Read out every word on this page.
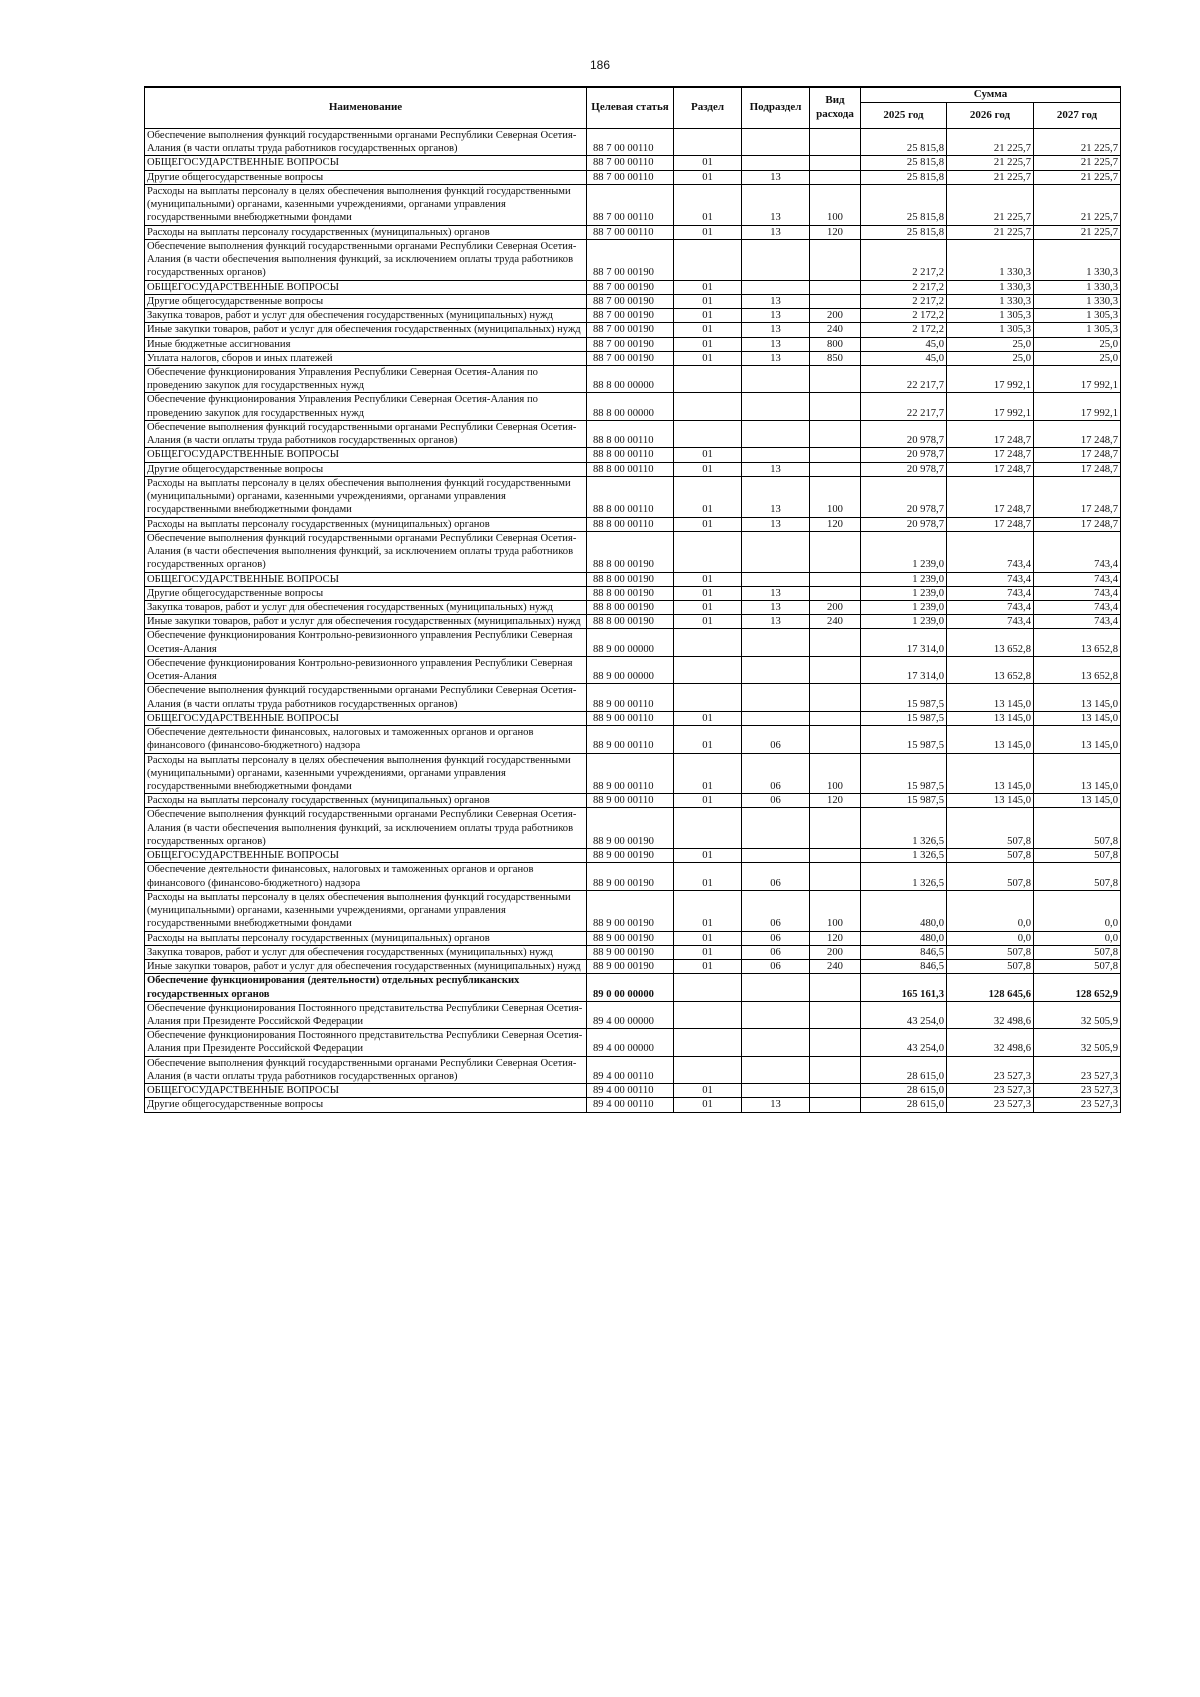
186
Наименование	Целевая статья	Раздел	Подраздел	Вид расхода	Сумма		
					2025 год	2026 год	2027 год
Обеспечение выполнения функций государственными органами Республики Северная Осетия-Алания (в части оплаты труда работников государственных органов)	88 7 00 00110				25 815,8	21 225,7	21 225,7
ОБЩЕГОСУДАРСТВЕННЫЕ ВОПРОСЫ	88 7 00 00110	01			25 815,8	21 225,7	21 225,7
Другие общегосударственные вопросы	88 7 00 00110	01	13		25 815,8	21 225,7	21 225,7
Расходы на выплаты персоналу в целях обеспечения выполнения функций государственными (муниципальными) органами, казенными учреждениями, органами управления государственными внебюджетными фондами	88 7 00 00110	01	13	100	25 815,8	21 225,7	21 225,7
Расходы на выплаты персоналу государственных (муниципальных) органов	88 7 00 00110	01	13	120	25 815,8	21 225,7	21 225,7
Обеспечение выполнения функций государственными органами Республики Северная Осетия-Алания (в части обеспечения выполнения функций, за исключением оплаты труда работников государственных органов)	88 7 00 00190				2 217,2	1 330,3	1 330,3
ОБЩЕГОСУДАРСТВЕННЫЕ ВОПРОСЫ	88 7 00 00190	01			2 217,2	1 330,3	1 330,3
Другие общегосударственные вопросы	88 7 00 00190	01	13		2 217,2	1 330,3	1 330,3
Закупка товаров, работ и услуг для обеспечения государственных (муниципальных) нужд	88 7 00 00190	01	13	200	2 172,2	1 305,3	1 305,3
Иные закупки товаров, работ и услуг для обеспечения государственных (муниципальных) нужд	88 7 00 00190	01	13	240	2 172,2	1 305,3	1 305,3
Иные бюджетные ассигнования	88 7 00 00190	01	13	800	45,0	25,0	25,0
Уплата налогов, сборов и иных платежей	88 7 00 00190	01	13	850	45,0	25,0	25,0
Обеспечение функционирования Управления Республики Северная Осетия-Алания по проведению закупок для государственных нужд	88 8 00 00000				22 217,7	17 992,1	17 992,1
Обеспечение функционирования Управления Республики Северная Осетия-Алания по проведению закупок для государственных нужд	88 8 00 00000				22 217,7	17 992,1	17 992,1
Обеспечение выполнения функций государственными органами Республики Северная Осетия-Алания (в части оплаты труда работников государственных органов)	88 8 00 00110				20 978,7	17 248,7	17 248,7
ОБЩЕГОСУДАРСТВЕННЫЕ ВОПРОСЫ	88 8 00 00110	01			20 978,7	17 248,7	17 248,7
Другие общегосударственные вопросы	88 8 00 00110	01	13		20 978,7	17 248,7	17 248,7
Расходы на выплаты персоналу в целях обеспечения выполнения функций государственными (муниципальными) органами, казенными учреждениями, органами управления государственными внебюджетными фондами	88 8 00 00110	01	13	100	20 978,7	17 248,7	17 248,7
Расходы на выплаты персоналу государственных (муниципальных) органов	88 8 00 00110	01	13	120	20 978,7	17 248,7	17 248,7
Обеспечение выполнения функций государственными органами Республики Северная Осетия-Алания (в части обеспечения выполнения функций, за исключением оплаты труда работников государственных органов)	88 8 00 00190				1 239,0	743,4	743,4
ОБЩЕГОСУДАРСТВЕННЫЕ ВОПРОСЫ	88 8 00 00190	01			1 239,0	743,4	743,4
Другие общегосударственные вопросы	88 8 00 00190	01	13		1 239,0	743,4	743,4
Закупка товаров, работ и услуг для обеспечения государственных (муниципальных) нужд	88 8 00 00190	01	13	200	1 239,0	743,4	743,4
Иные закупки товаров, работ и услуг для обеспечения государственных (муниципальных) нужд	88 8 00 00190	01	13	240	1 239,0	743,4	743,4
Обеспечение функционирования Контрольно-ревизионного управления Республики Северная Осетия-Алания	88 9 00 00000				17 314,0	13 652,8	13 652,8
Обеспечение функционирования Контрольно-ревизионного управления Республики Северная Осетия-Алания	88 9 00 00000				17 314,0	13 652,8	13 652,8
Обеспечение выполнения функций государственными органами Республики Северная Осетия-Алания (в части оплаты труда работников государственных органов)	88 9 00 00110				15 987,5	13 145,0	13 145,0
ОБЩЕГОСУДАРСТВЕННЫЕ ВОПРОСЫ	88 9 00 00110	01			15 987,5	13 145,0	13 145,0
Обеспечение деятельности финансовых, налоговых и таможенных органов и органов финансового (финансово-бюджетного) надзора	88 9 00 00110	01	06		15 987,5	13 145,0	13 145,0
Расходы на выплаты персоналу в целях обеспечения выполнения функций государственными (муниципальными) органами, казенными учреждениями, органами управления государственными внебюджетными фондами	88 9 00 00110	01	06	100	15 987,5	13 145,0	13 145,0
Расходы на выплаты персоналу государственных (муниципальных) органов	88 9 00 00110	01	06	120	15 987,5	13 145,0	13 145,0
Обеспечение выполнения функций государственными органами Республики Северная Осетия-Алания (в части обеспечения выполнения функций, за исключением оплаты труда работников государственных органов)	88 9 00 00190				1 326,5	507,8	507,8
ОБЩЕГОСУДАРСТВЕННЫЕ ВОПРОСЫ	88 9 00 00190	01			1 326,5	507,8	507,8
Обеспечение деятельности финансовых, налоговых и таможенных органов и органов финансового (финансово-бюджетного) надзора	88 9 00 00190	01	06		1 326,5	507,8	507,8
Расходы на выплаты персоналу в целях обеспечения выполнения функций государственными (муниципальными) органами, казенными учреждениями, органами управления государственными внебюджетными фондами	88 9 00 00190	01	06	100	480,0	0,0	0,0
Расходы на выплаты персоналу государственных (муниципальных) органов	88 9 00 00190	01	06	120	480,0	0,0	0,0
Закупка товаров, работ и услуг для обеспечения государственных (муниципальных) нужд	88 9 00 00190	01	06	200	846,5	507,8	507,8
Иные закупки товаров, работ и услуг для обеспечения государственных (муниципальных) нужд	88 9 00 00190	01	06	240	846,5	507,8	507,8
Обеспечение функционирования (деятельности) отдельных республиканских государственных органов	89 0 00 00000				165 161,3	128 645,6	128 652,9
Обеспечение функционирования Постоянного представительства Республики Северная Осетия-Алания при Президенте Российской Федерации	89 4 00 00000				43 254,0	32 498,6	32 505,9
Обеспечение функционирования Постоянного представительства Республики Северная Осетия-Алания при Президенте Российской Федерации	89 4 00 00000				43 254,0	32 498,6	32 505,9
Обеспечение выполнения функций государственными органами Республики Северная Осетия-Алания (в части оплаты труда работников государственных органов)	89 4 00 00110				28 615,0	23 527,3	23 527,3
ОБЩЕГОСУДАРСТВЕННЫЕ ВОПРОСЫ	89 4 00 00110	01			28 615,0	23 527,3	23 527,3
Другие общегосударственные вопросы	89 4 00 00110	01	13		28 615,0	23 527,3	23 527,3
